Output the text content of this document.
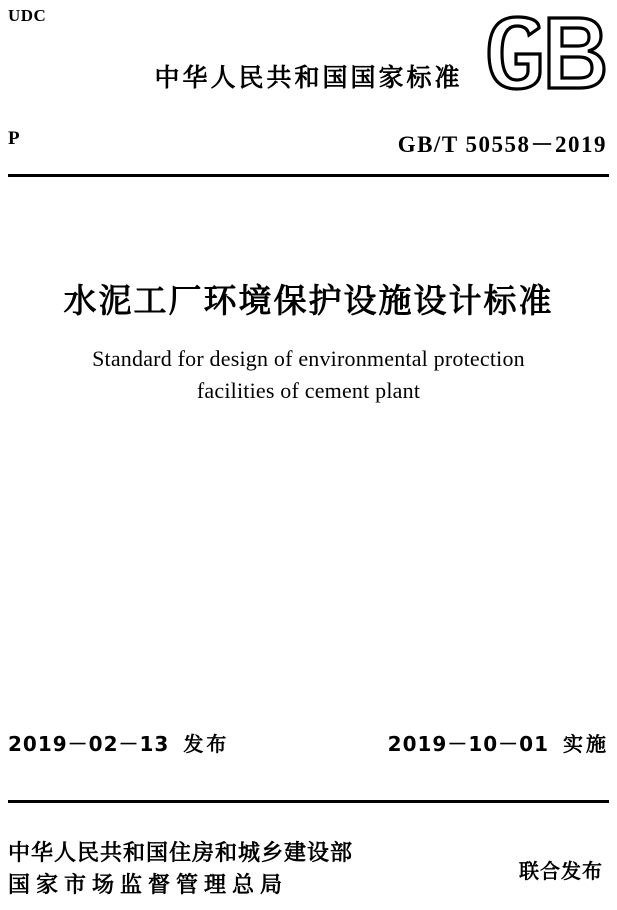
UDC
中华人民共和国国家标准
P	GB/T 50558－2019
水泥工厂环境保护设施设计标准
Standard for design of environmental protection
facilities of cement plant
2019－02－13 发布	2019－10－01 实施
中华人民共和国住房和城乡建设部
国家市场监督管理总局
联合发布
